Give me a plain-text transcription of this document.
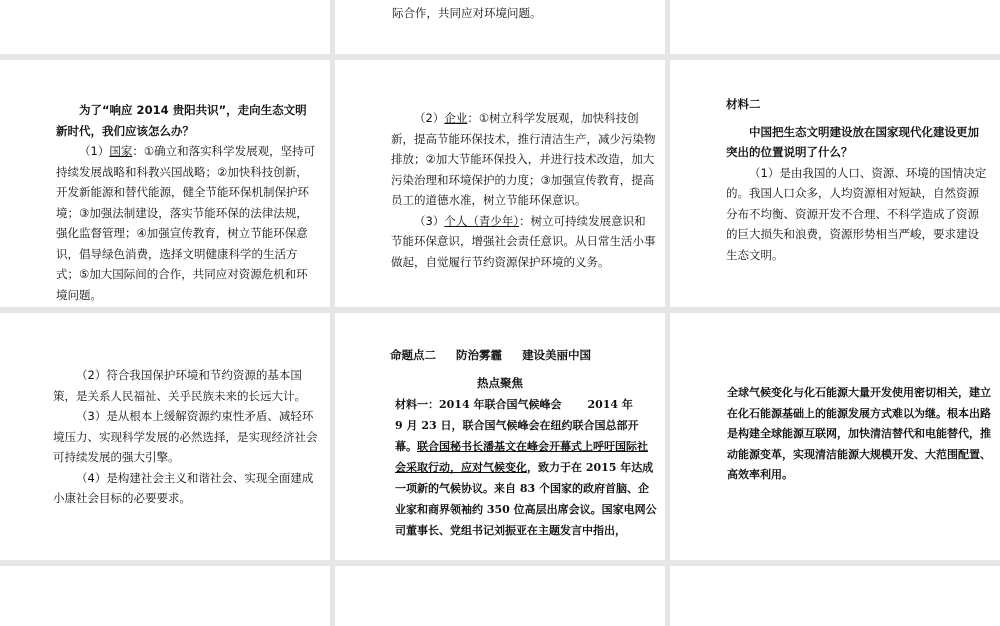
际合作，共同应对环境问题。

为了“响应 2014 贵阳共识”，走向生态文明新时代，我们应该怎么办？

（1）国家：①确立和落实科学发展观，坚持可持续发展战略和科教兴国战略；②加快科技创新，开发新能源和替代能源，健全节能环保机制保护环境；③加强法制建设，落实节能环保的法律法规，强化监督管理；④加强宣传教育，树立节能环保意识，倡导绿色消费，选择文明健康科学的生活方式；⑤加大国际间的合作，共同应对资源危机和环境问题。

（2）企业：①树立科学发展观，加快科技创新，提高节能环保技术，推行清洁生产，减少污染物排放；②加大节能环保投入，并进行技术改造，加大污染治理和环境保护的力度；③加强宣传教育，提高员工的道德水准，树立节能环保意识。

（3）个人（青少年）：树立可持续发展意识和节能环保意识，增强社会责任意识。从日常生活小事做起，自觉履行节约资源保护环境的义务。

材料二

中国把生态文明建设放在国家现代化建设更加突出的位置说明了什么？

（1）是由我国的人口、资源、环境的国情决定的。我国人口众多，人均资源相对短缺，自然资源分布不均衡、资源开发不合理、不科学造成了资源的巨大损失和浪费，资源形势相当严峻，要求建设生态文明。

（2）符合我国保护环境和节约资源的基本国策，是关系人民福祉、关乎民族未来的长远大计。

（3）是从根本上缓解资源约束性矛盾、减轻环境压力、实现科学发展的必然选择，是实现经济社会可持续发展的强大引擎。

（4）是构建社会主义和谐社会、实现全面建成小康社会目标的必要要求。

命题点二 防治雾霾 建设美丽中国
热点聚焦

材料一：2014 年联合国气候峰会 2014 年

9 月 23 日，联合国气候峰会在纽约联合国总部开幕。联合国秘书长潘基文在峰会开幕式上呼吁国际社会采取行动，应对气候变化，致力于在 2015 年达成一项新的气候协议。来自 83 个国家的政府首脑、企业家和商界领袖约 350 位高层出席会议。国家电网公司董事长、党组书记刘振亚在主题发言中指出，

全球气候变化与化石能源大量开发使用密切相关，建立在化石能源基础上的能源发展方式难以为继。根本出路是构建全球能源互联网，加快清洁替代和电能替代，推动能源变革，实现清洁能源大规模开发、大范围配置、高效率利用。
